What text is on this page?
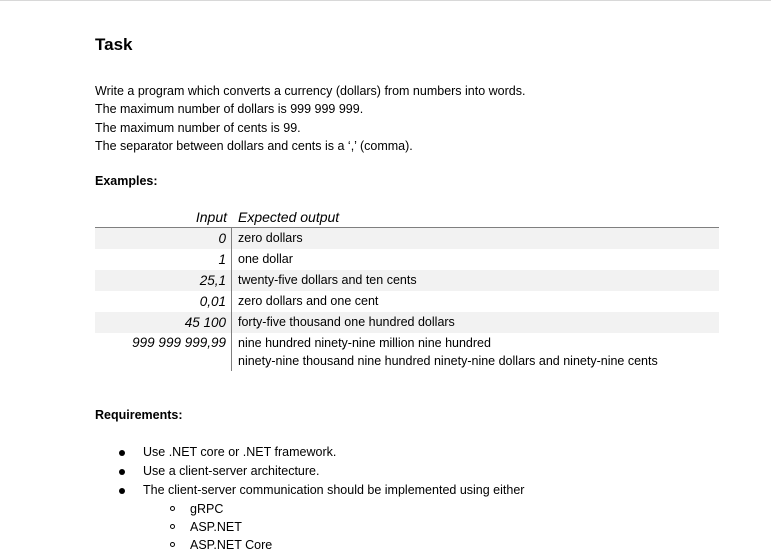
Task
Write a program which converts a currency (dollars) from numbers into words.
The maximum number of dollars is 999 999 999.
The maximum number of cents is 99.
The separator between dollars and cents is a ‘,’ (comma).
Examples:
Input Expected output
0 zero dollars
1 one dollar
25,1 twenty-five dollars and ten cents
0,01 zero dollars and one cent
45 100 forty-five thousand one hundred dollars
999 999 999,99 nine hundred ninety-nine million nine hundred
ninety-nine thousand nine hundred ninety-nine dollars and ninety-nine cents
Requirements:
Use .NET core or .NET framework.
Use a client-server architecture.
The client-server communication should be implemented using either
gRPC
ASP.NET
ASP.NET Core
